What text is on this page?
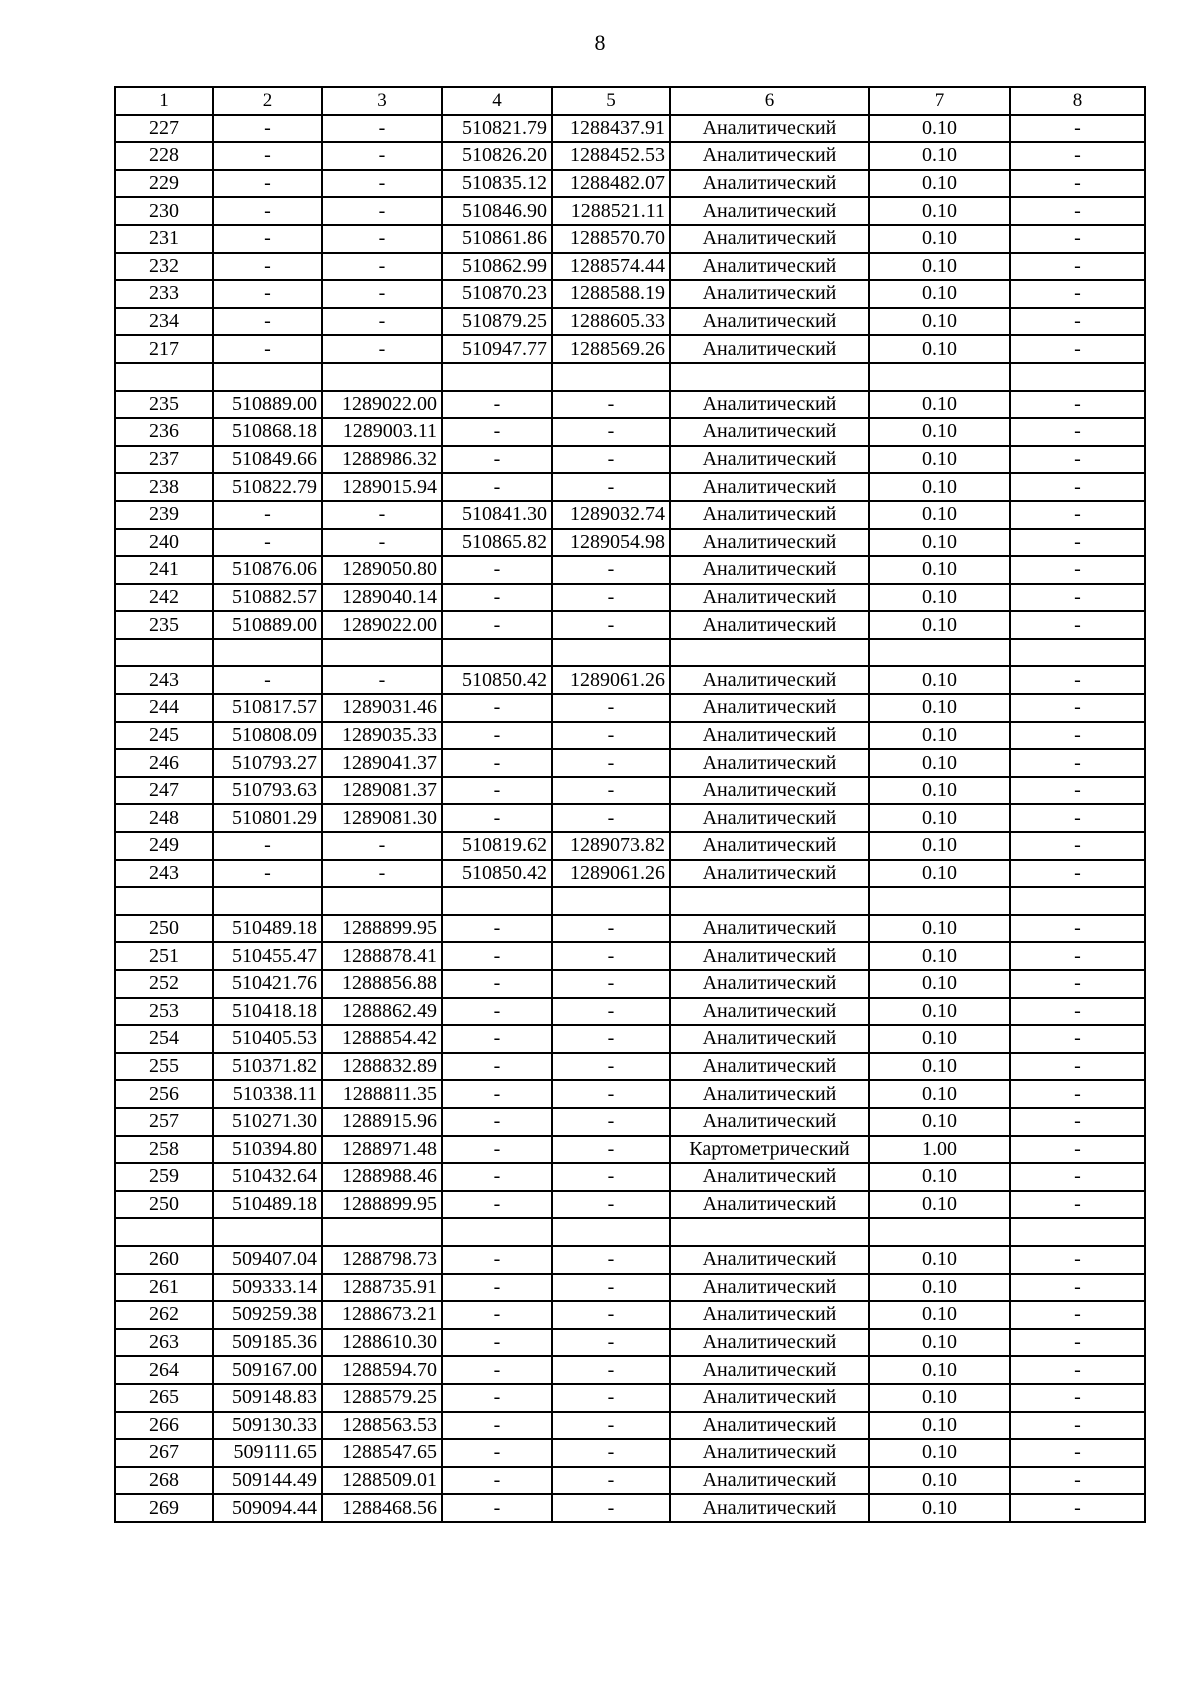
8
1	2	3	4	5	6	7	8
227	-	-	510821.79	1288437.91	Аналитический	0.10	-
228	-	-	510826.20	1288452.53	Аналитический	0.10	-
229	-	-	510835.12	1288482.07	Аналитический	0.10	-
230	-	-	510846.90	1288521.11	Аналитический	0.10	-
231	-	-	510861.86	1288570.70	Аналитический	0.10	-
232	-	-	510862.99	1288574.44	Аналитический	0.10	-
233	-	-	510870.23	1288588.19	Аналитический	0.10	-
234	-	-	510879.25	1288605.33	Аналитический	0.10	-
217	-	-	510947.77	1288569.26	Аналитический	0.10	-

235	510889.00	1289022.00	-	-	Аналитический	0.10	-
236	510868.18	1289003.11	-	-	Аналитический	0.10	-
237	510849.66	1288986.32	-	-	Аналитический	0.10	-
238	510822.79	1289015.94	-	-	Аналитический	0.10	-
239	-	-	510841.30	1289032.74	Аналитический	0.10	-
240	-	-	510865.82	1289054.98	Аналитический	0.10	-
241	510876.06	1289050.80	-	-	Аналитический	0.10	-
242	510882.57	1289040.14	-	-	Аналитический	0.10	-
235	510889.00	1289022.00	-	-	Аналитический	0.10	-

243	-	-	510850.42	1289061.26	Аналитический	0.10	-
244	510817.57	1289031.46	-	-	Аналитический	0.10	-
245	510808.09	1289035.33	-	-	Аналитический	0.10	-
246	510793.27	1289041.37	-	-	Аналитический	0.10	-
247	510793.63	1289081.37	-	-	Аналитический	0.10	-
248	510801.29	1289081.30	-	-	Аналитический	0.10	-
249	-	-	510819.62	1289073.82	Аналитический	0.10	-
243	-	-	510850.42	1289061.26	Аналитический	0.10	-

250	510489.18	1288899.95	-	-	Аналитический	0.10	-
251	510455.47	1288878.41	-	-	Аналитический	0.10	-
252	510421.76	1288856.88	-	-	Аналитический	0.10	-
253	510418.18	1288862.49	-	-	Аналитический	0.10	-
254	510405.53	1288854.42	-	-	Аналитический	0.10	-
255	510371.82	1288832.89	-	-	Аналитический	0.10	-
256	510338.11	1288811.35	-	-	Аналитический	0.10	-
257	510271.30	1288915.96	-	-	Аналитический	0.10	-
258	510394.80	1288971.48	-	-	Картометрический	1.00	-
259	510432.64	1288988.46	-	-	Аналитический	0.10	-
250	510489.18	1288899.95	-	-	Аналитический	0.10	-

260	509407.04	1288798.73	-	-	Аналитический	0.10	-
261	509333.14	1288735.91	-	-	Аналитический	0.10	-
262	509259.38	1288673.21	-	-	Аналитический	0.10	-
263	509185.36	1288610.30	-	-	Аналитический	0.10	-
264	509167.00	1288594.70	-	-	Аналитический	0.10	-
265	509148.83	1288579.25	-	-	Аналитический	0.10	-
266	509130.33	1288563.53	-	-	Аналитический	0.10	-
267	509111.65	1288547.65	-	-	Аналитический	0.10	-
268	509144.49	1288509.01	-	-	Аналитический	0.10	-
269	509094.44	1288468.56	-	-	Аналитический	0.10	-
